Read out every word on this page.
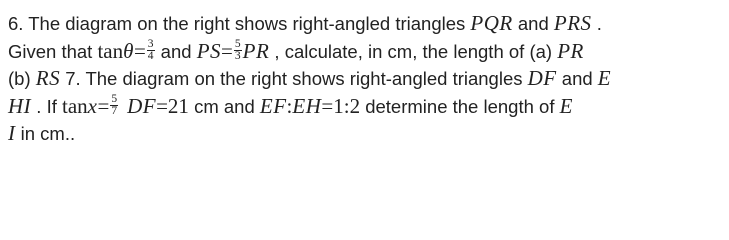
6. The diagram on the right shows right-angled triangles PQR and PRS .
Given that $\tan\theta= \frac{3}{4}$ and $PS= \frac{5}{3}$ PR , calculate, in cm, the length of (a) PR
(b) RS 7. The diagram on the right shows right-angled triangles DF and E
HI . If $\tan x= \frac{5}{7} DF=21$ cm and EF:EH=1:2 determine the length of E
I in cm..
